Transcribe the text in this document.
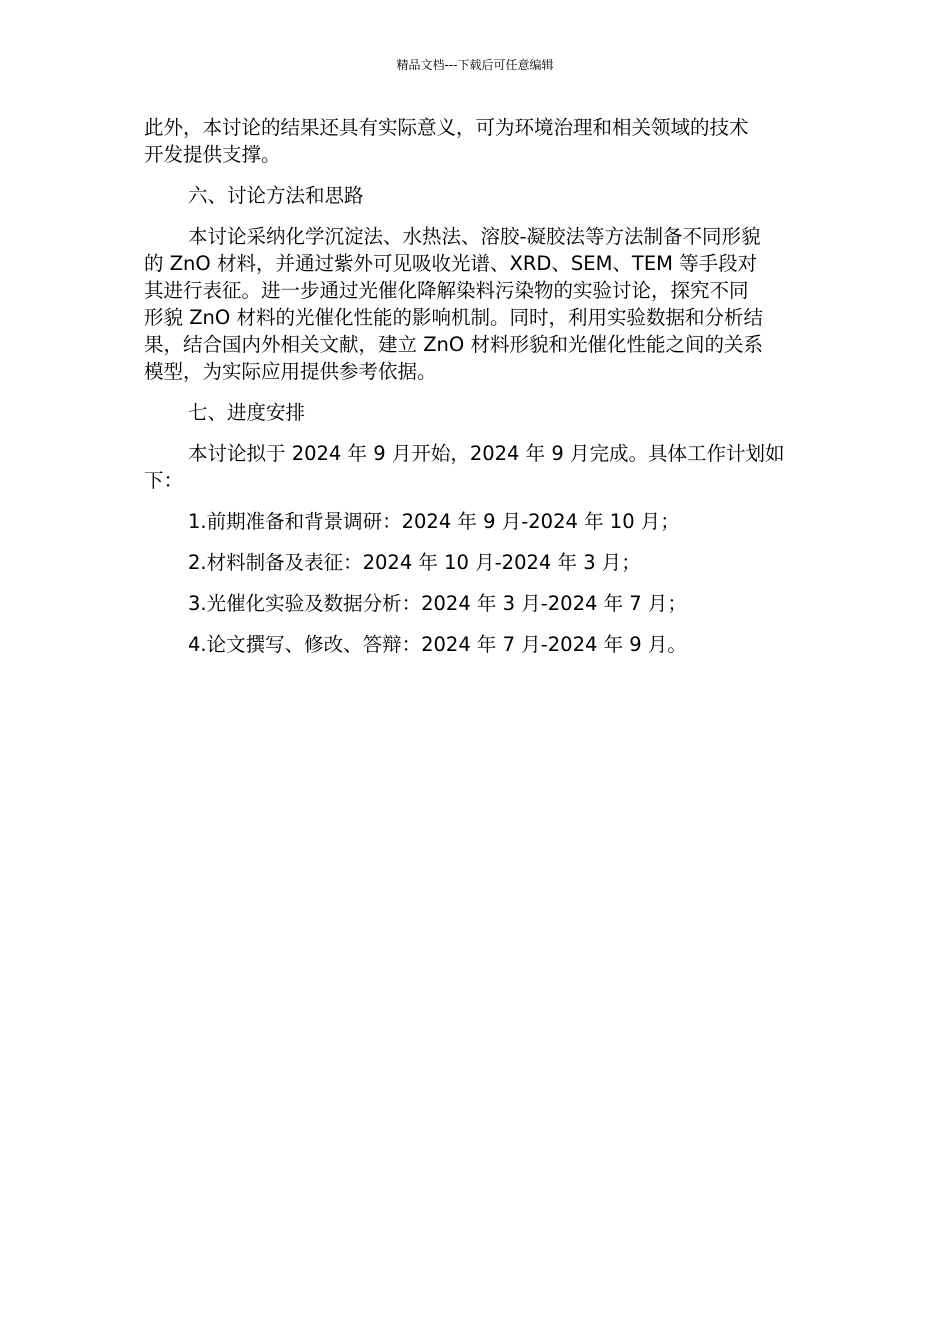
精品文档---下载后可任意编辑
此外，本讨论的结果还具有实际意义，可为环境治理和相关领域的技术
开发提供支撑。
六、讨论方法和思路
本讨论采纳化学沉淀法、水热法、溶胶-凝胶法等方法制备不同形貌
的 ZnO 材料，并通过紫外可见吸收光谱、XRD、SEM、TEM 等手段对
其进行表征。进一步通过光催化降解染料污染物的实验讨论，探究不同
形貌 ZnO 材料的光催化性能的影响机制。同时，利用实验数据和分析结
果，结合国内外相关文献，建立 ZnO 材料形貌和光催化性能之间的关系
模型，为实际应用提供参考依据。
七、进度安排
本讨论拟于 2024 年 9 月开始，2024 年 9 月完成。具体工作计划如
下：
1.前期准备和背景调研：2024 年 9 月-2024 年 10 月；
2.材料制备及表征：2024 年 10 月-2024 年 3 月；
3.光催化实验及数据分析：2024 年 3 月-2024 年 7 月；
4.论文撰写、修改、答辩：2024 年 7 月-2024 年 9 月。
